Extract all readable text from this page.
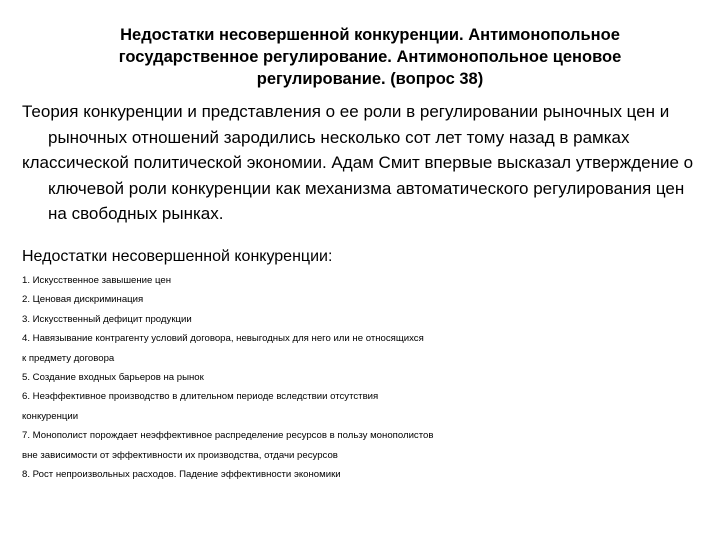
Недостатки несовершенной конкуренции. Антимонопольное государственное регулирование. Антимонопольное ценовое регулирование. (вопрос 38)

Теория конкуренции и представления о ее роли в регулировании рыночных цен и рыночных отношений зародились несколько сот лет тому назад в рамках

классической политической экономии. Адам Смит впервые высказал утверждение о ключевой роли конкуренции как механизма автоматического регулирования цен на свободных рынках.

Недостатки несовершенной конкуренции:
1. Искусственное завышение цен
2. Ценовая дискриминация
3. Искусственный дефицит продукции
4. Навязывание контрагенту условий договора, невыгодных для него или не относящихся
к предмету договора
5. Создание входных барьеров на рынок
6. Неэффективное производство в длительном периоде вследствии отсутствия
конкуренции
7. Монополист порождает неэффективное распределение ресурсов в пользу монополистов
вне зависимости от эффективности их производства, отдачи ресурсов
8. Рост непроизвольных расходов. Падение эффективности экономики
